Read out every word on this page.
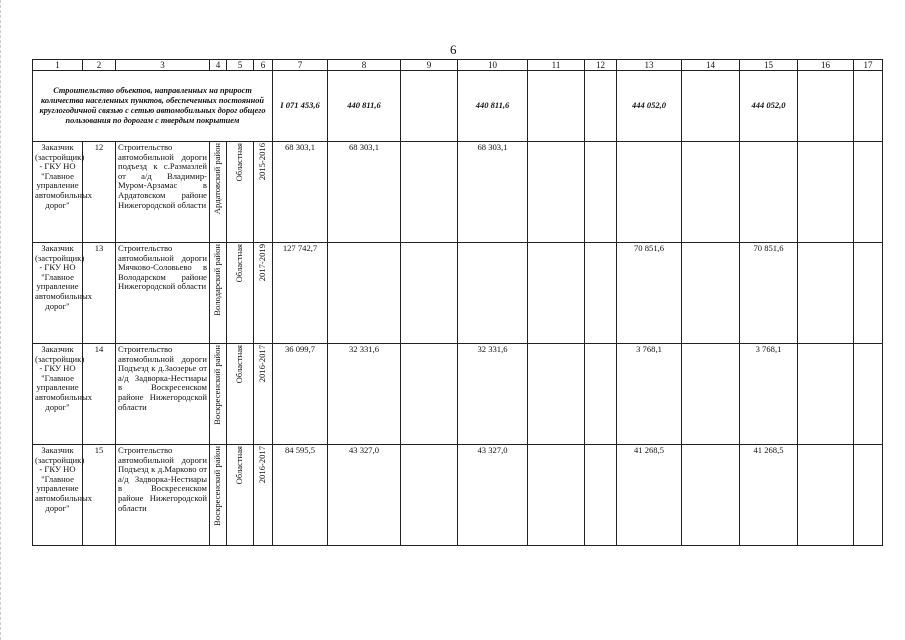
6
1	2	3	4	5	6	7	8	9	10	11	12	13	14	15	16	17
Строительство объектов, направленных на прирост количества населенных пунктов, обеспеченных постоянной круглогодичной связью с сетью автомобильных дорог общего пользования по дорогам с твердым покрытием						I 071 453,6	440 811,6		440 811,6			444 052,0		444 052,0		
Заказчик (застройщик) - ГКУ НО "Главное управление автомобильных дорог"	12	Строительство автомобильной дороги подъезд к с.Размазлей от а/д Владимир-Муром-Арзамас в Ардатовском районе Нижегородской области	Ардатовский район	Областная	2015-2016	68 303,1	68 303,1		68 303,1							
Заказчик (застройщик) - ГКУ НО "Главное управление автомобильных дорог"	13	Строительство автомобильной дороги Мячково-Соловьево в Володарском районе Нижегородской области	Володарский район	Областная	2017-2019	127 742,7						70 851,6		70 851,6		
Заказчик (застройщик) - ГКУ НО "Главное управление автомобильных дорог"	14	Строительство автомобильной дороги Подъезд к д.Заозерье от а/д Задворка-Нестиары в Воскресенском районе Нижегородской области	Воскресенский район	Областная	2016-2017	36 099,7	32 331,6		32 331,6			3 768,1		3 768,1		
Заказчик (застройщик) - ГКУ НО "Главное управление автомобильных дорог"	15	Строительство автомобильной дороги Подъезд к д.Марково от а/д Задворка-Нестиары в Воскресенском районе Нижегородской области	Воскресенский район	Областная	2016-2017	84 595,5	43 327,0		43 327,0			41 268,5		41 268,5		
